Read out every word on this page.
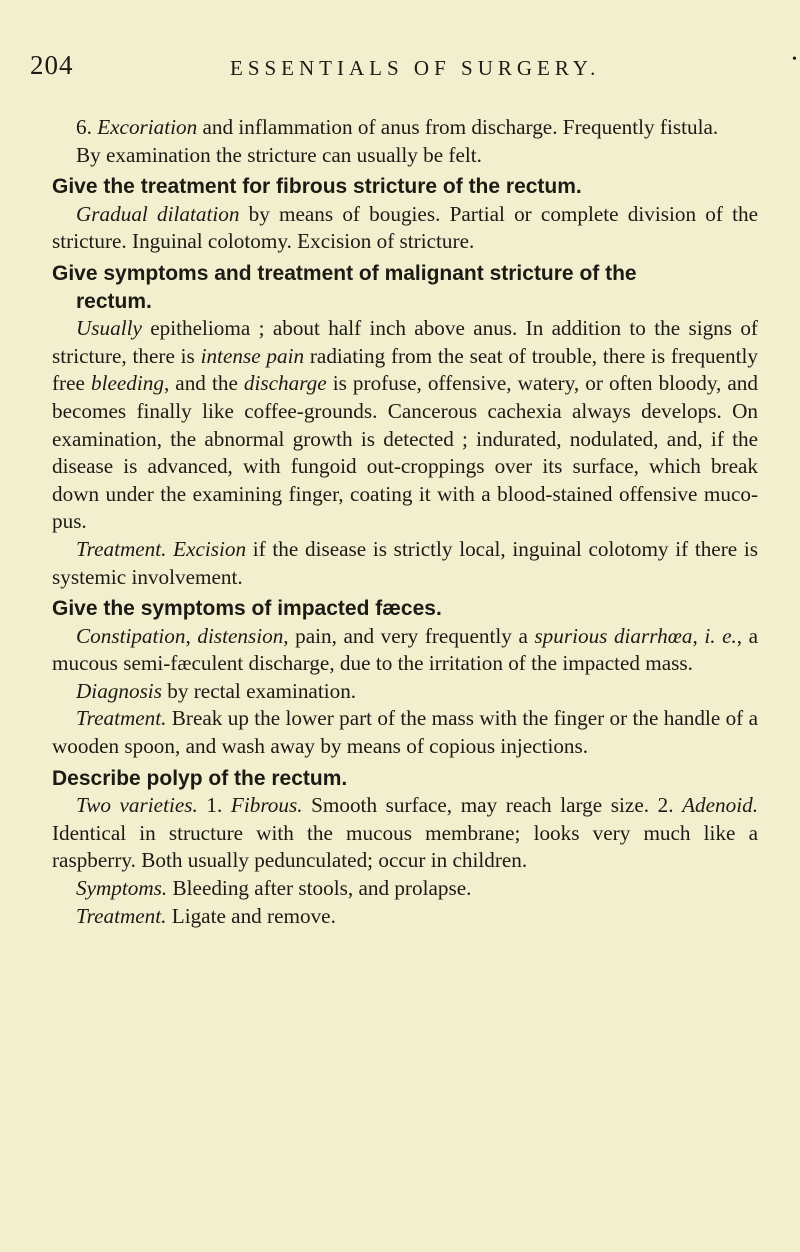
204	ESSENTIALS OF SURGERY.	•

6. Excoriation and inflammation of anus from discharge. Frequently fistula.

By examination the stricture can usually be felt.

Give the treatment for fibrous stricture of the rectum.

Gradual dilatation by means of bougies. Partial or complete division of the stricture. Inguinal colotomy. Excision of stricture.

Give symptoms and treatment of malignant stricture of the
rectum.

Usually epithelioma ; about half inch above anus. In addition to the signs of stricture, there is intense pain radiating from the seat of trouble, there is frequently free bleeding, and the discharge is profuse, offensive, watery, or often bloody, and becomes finally like coffee-grounds. Cancerous cachexia always develops. On examination, the abnormal growth is detected ; indurated, nodulated, and, if the disease is advanced, with fungoid out-croppings over its surface, which break down under the examining finger, coating it with a blood-stained offensive muco-pus.

Treatment. Excision if the disease is strictly local, inguinal colotomy if there is systemic involvement.

Give the symptoms of impacted fæces.

Constipation, distension, pain, and very frequently a spurious diarrhœa, i. e., a mucous semi-fæculent discharge, due to the irritation of the impacted mass.

Diagnosis by rectal examination.

Treatment. Break up the lower part of the mass with the finger or the handle of a wooden spoon, and wash away by means of copious injections.

Describe polyp of the rectum.

Two varieties. 1. Fibrous. Smooth surface, may reach large size. 2. Adenoid. Identical in structure with the mucous membrane; looks very much like a raspberry. Both usually pedunculated; occur in children.

Symptoms. Bleeding after stools, and prolapse.

Treatment. Ligate and remove.
